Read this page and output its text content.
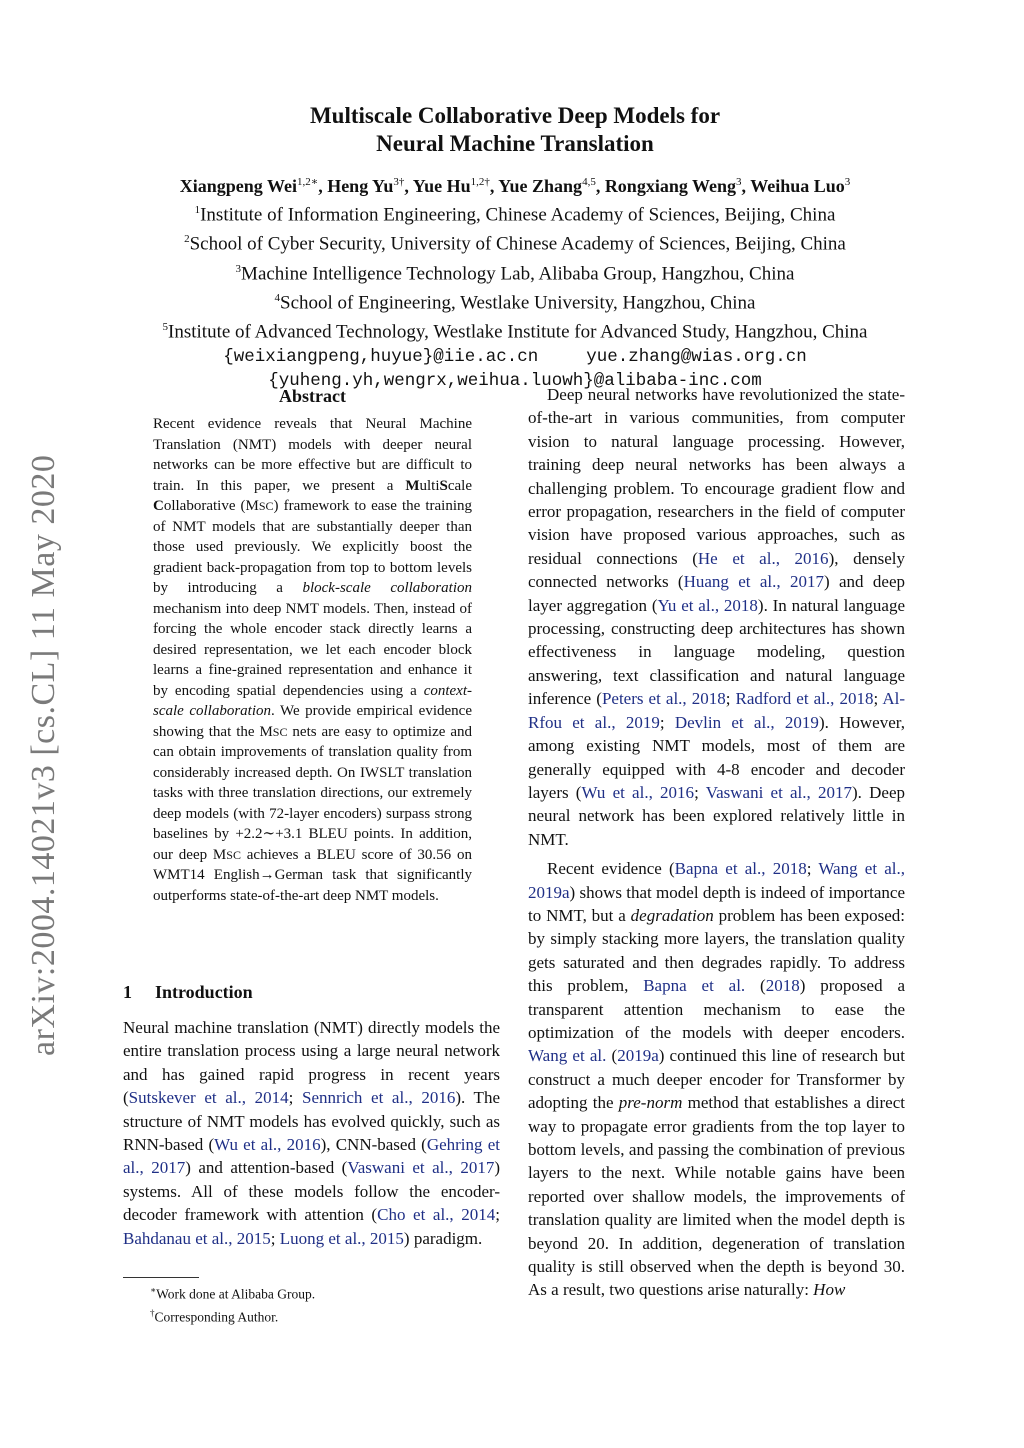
arXiv:2004.14021v3 [cs.CL] 11 May 2020
Multiscale Collaborative Deep Models for
Neural Machine Translation
Xiangpeng Wei$^{1,2∗}$, Heng $Yu^{3\dagger}$, Yue $Hu^{1,2\dagger}$, Yue Zhang$^{4,5}$, Rongxiang Weng$^3$, Weihua Luo$^3$
$^1$Institute of Information Engineering, Chinese Academy of Sciences, Beijing, China
$^2$School of Cyber Security, University of Chinese Academy of Sciences, Beijing, China
$^3$Machine Intelligence Technology Lab, Alibaba Group, Hangzhou, China
$^4$School of Engineering, Westlake University, Hangzhou, China
$^5$Institute of Advanced Technology, Westlake Institute for Advanced Study, Hangzhou, China
{weixiangpeng,huyue}@iie.ac.cn	yue.zhang@wias.org.cn
{yuheng.yh,wengrx,weihua.luowh}@alibaba-inc.com
Abstract

Recent evidence reveals that Neural Machine Translation (NMT) models with deeper neural networks can be more effective but are difficult to train. In this paper, we present a MultiScale Collaborative (MSC) framework to ease the training of NMT models that are substantially deeper than those used previously. We explicitly boost the gradient back-propagation from top to bottom levels by introducing a block-scale collaboration mechanism into deep NMT models. Then, instead of forcing the whole encoder stack directly learns a desired representation, we let each encoder block learns a fine-grained representation and enhance it by encoding spatial dependencies using a context-scale collaboration. We provide empirical evidence showing that the MSC nets are easy to optimize and can obtain improvements of translation quality from considerably increased depth. On IWSLT translation tasks with three translation directions, our extremely deep models (with 72-layer encoders) surpass strong baselines by +2.2∼+3.1 BLEU points. In addition, our deep MSC achieves a BLEU score of 30.56 on WMT14 English→German task that significantly outperforms state-of-the-art deep NMT models.

1 Introduction

Neural machine translation (NMT) directly models the entire translation process using a large neural network and has gained rapid progress in recent years (Sutskever et al., 2014; Sennrich et al., 2016). The structure of NMT models has evolved quickly, such as RNN-based (Wu et al., 2016), CNN-based (Gehring et al., 2017) and attention-based (Vaswani et al., 2017) systems. All of these models follow the encoder-decoder framework with attention (Cho et al., 2014; Bahdanau et al., 2015; Luong et al., 2015) paradigm.

Deep neural networks have revolutionized the state-of-the-art in various communities, from computer vision to natural language processing. However, training deep neural networks has been always a challenging problem. To encourage gradient flow and error propagation, researchers in the field of computer vision have proposed various approaches, such as residual connections (He et al., 2016), densely connected networks (Huang et al., 2017) and deep layer aggregation (Yu et al., 2018). In natural language processing, constructing deep architectures has shown effectiveness in language modeling, question answering, text classification and natural language inference (Peters et al., 2018; Radford et al., 2018; Al-Rfou et al., 2019; Devlin et al., 2019). However, among existing NMT models, most of them are generally equipped with 4-8 encoder and decoder layers (Wu et al., 2016; Vaswani et al., 2017). Deep neural network has been explored relatively little in NMT.

Recent evidence (Bapna et al., 2018; Wang et al., 2019a) shows that model depth is indeed of importance to NMT, but a degradation problem has been exposed: by simply stacking more layers, the translation quality gets saturated and then degrades rapidly. To address this problem, Bapna et al. (2018) proposed a transparent attention mechanism to ease the optimization of the models with deeper encoders. Wang et al. (2019a) continued this line of research but construct a much deeper encoder for Transformer by adopting the pre-norm method that establishes a direct way to propagate error gradients from the top layer to bottom levels, and passing the combination of previous layers to the next. While notable gains have been reported over shallow models, the improvements of translation quality are limited when the model depth is beyond 20. In addition, degeneration of translation quality is still observed when the depth is beyond 30. As a result, two questions arise naturally: How

∗Work done at Alibaba Group.
†Corresponding Author.
